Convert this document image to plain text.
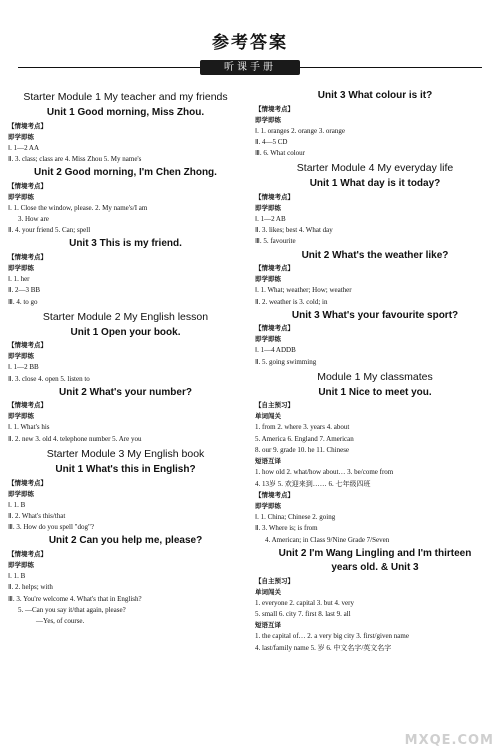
参考答案
听课手册
Starter Module 1 My teacher and my friends
Unit 1 Good morning, Miss Zhou.
【情境考点】
即学即练
Ⅰ. 1—2 AA
Ⅱ. 3. class; class are 4. Miss Zhou 5. My name's
Unit 2 Good morning, I'm Chen Zhong.
【情境考点】
即学即练
Ⅰ. 1. Close the window, please. 2. My name's/I am
3. How are
Ⅱ. 4. your friend 5. Can; spell
Unit 3 This is my friend.
【情境考点】
即学即练
Ⅰ. 1. her
Ⅱ. 2—3 BB
Ⅲ. 4. to go
Starter Module 2 My English lesson
Unit 1 Open your book.
【情境考点】
即学即练
Ⅰ. 1—2 BB
Ⅱ. 3. close 4. open 5. listen to
Unit 2 What's your number?
【情境考点】
即学即练
Ⅰ. 1. What's his
Ⅱ. 2. new 3. old 4. telephone number 5. Are you
Starter Module 3 My English book
Unit 1 What's this in English?
【情境考点】
即学即练
Ⅰ. 1. B
Ⅱ. 2. What's this/that
Ⅲ. 3. How do you spell "dog"?
Unit 2 Can you help me, please?
【情境考点】
即学即练
Ⅰ. 1. B
Ⅱ. 2. helps; with
Ⅲ. 3. You're welcome 4. What's that in English?
5. —Can you say it/that again, please?
—Yes, of course.
Unit 3 What colour is it?
【情境考点】
即学即练
Ⅰ. 1. oranges 2. orange 3. orange
Ⅱ. 4—5 CD
Ⅲ. 6. What colour
Starter Module 4 My everyday life
Unit 1 What day is it today?
【情境考点】
即学即练
Ⅰ. 1—2 AB
Ⅱ. 3. likes; best 4. What day
Ⅲ. 5. favourite
Unit 2 What's the weather like?
【情境考点】
即学即练
Ⅰ. 1. What; weather; How; weather
Ⅱ. 2. weather is 3. cold; in
Unit 3 What's your favourite sport?
【情境考点】
即学即练
Ⅰ. 1—4 ADDB
Ⅱ. 5. going swimming
Module 1 My classmates
Unit 1 Nice to meet you.
【自主预习】
单词闯关
1. from 2. where 3. years 4. about
5. America 6. England 7. American
8. our 9. grade 10. he 11. Chinese
短语互译
1. how old 2. what/how about… 3. be/come from
4. 13岁 5. 欢迎来到…… 6. 七年级四班
【情境考点】
即学即练
Ⅰ. 1. China; Chinese 2. going
Ⅱ. 3. Where is; is from
4. American; in Class 9/Nine Grade 7/Seven
Unit 2 I'm Wang Lingling and I'm thirteen
years old. & Unit 3
【自主预习】
单词闯关
1. everyone 2. capital 3. but 4. very
5. small 6. city 7. first 8. last 9. all
短语互译
1. the capital of… 2. a very big city 3. first/given name
4. last/family name 5. 岁 6. 中文名字/英文名字
MXQE.COM
